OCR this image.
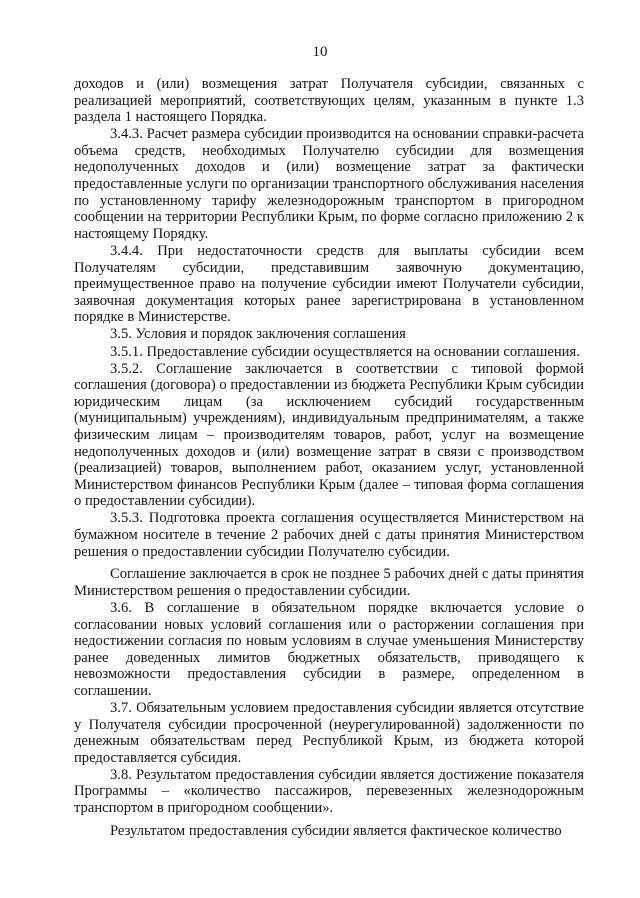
10

доходов и (или) возмещения затрат Получателя субсидии, связанных с реализацией мероприятий, соответствующих целям, указанным в пункте 1.3 раздела 1 настоящего Порядка.

3.4.3. Расчет размера субсидии производится на основании справки-расчета объема средств, необходимых Получателю субсидии для возмещения недополученных доходов и (или) возмещение затрат за фактически предоставленные услуги по организации транспортного обслуживания населения по установленному тарифу железнодорожным транспортом в пригородном сообщении на территории Республики Крым, по форме согласно приложению 2 к настоящему Порядку.

3.4.4. При недостаточности средств для выплаты субсидии всем Получателям субсидии, представившим заявочную документацию, преимущественное право на получение субсидии имеют Получатели субсидии, заявочная документация которых ранее зарегистрирована в установленном порядке в Министерстве.

3.5. Условия и порядок заключения соглашения

3.5.1. Предоставление субсидии осуществляется на основании соглашения.

3.5.2. Соглашение заключается в соответствии с типовой формой соглашения (договора) о предоставлении из бюджета Республики Крым субсидии юридическим лицам (за исключением субсидий государственным (муниципальным) учреждениям), индивидуальным предпринимателям, а также физическим лицам – производителям товаров, работ, услуг на возмещение недополученных доходов и (или) возмещение затрат в связи с производством (реализацией) товаров, выполнением работ, оказанием услуг, установленной Министерством финансов Республики Крым (далее – типовая форма соглашения о предоставлении субсидии).

3.5.3. Подготовка проекта соглашения осуществляется Министерством на бумажном носителе в течение 2 рабочих дней с даты принятия Министерством решения о предоставлении субсидии Получателю субсидии.

Соглашение заключается в срок не позднее 5 рабочих дней с даты принятия Министерством решения о предоставлении субсидии.

3.6. В соглашение в обязательном порядке включается условие о согласовании новых условий соглашения или о расторжении соглашения при недостижении согласия по новым условиям в случае уменьшения Министерству ранее доведенных лимитов бюджетных обязательств, приводящего к невозможности предоставления субсидии в размере, определенном в соглашении.

3.7. Обязательным условием предоставления субсидии является отсутствие у Получателя субсидии просроченной (неурегулированной) задолженности по денежным обязательствам перед Республикой Крым, из бюджета которой предоставляется субсидия.

3.8. Результатом предоставления субсидии является достижение показателя Программы – «количество пассажиров, перевезенных железнодорожным транспортом в пригородном сообщении».

Результатом предоставления субсидии является фактическое количество
